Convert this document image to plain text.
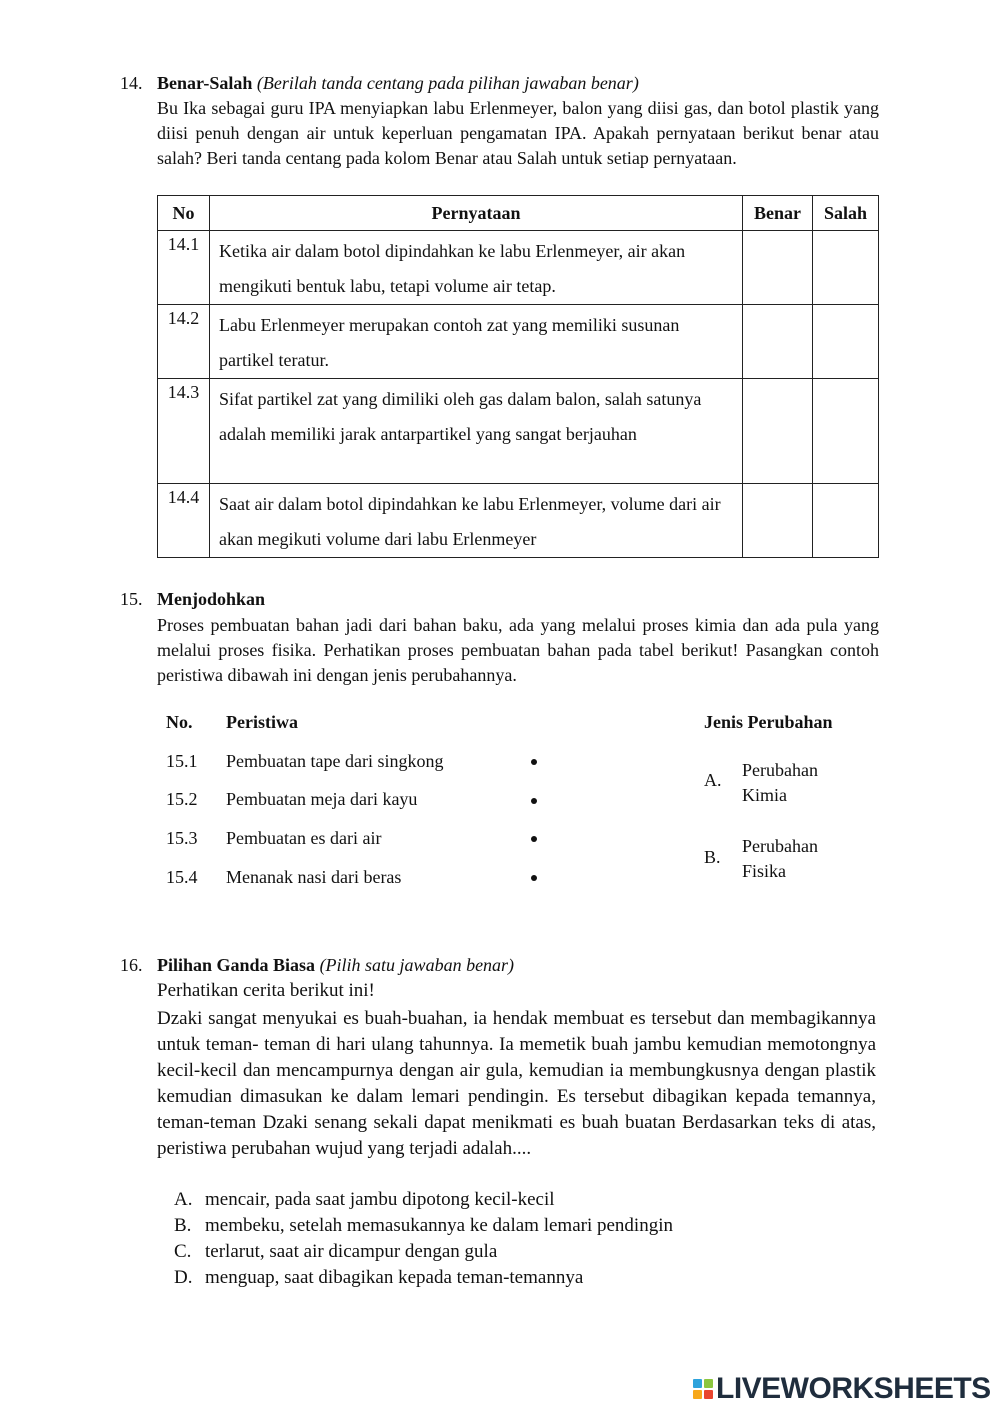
14. Benar-Salah (Berilah tanda centang pada pilihan jawaban benar)
Bu Ika sebagai guru IPA menyiapkan labu Erlenmeyer, balon yang diisi gas, dan botol plastik yang diisi penuh dengan air untuk keperluan pengamatan IPA. Apakah pernyataan berikut benar atau salah? Beri tanda centang pada kolom Benar atau Salah untuk setiap pernyataan.
No	Pernyataan	Benar	Salah
14.1	Ketika air dalam botol dipindahkan ke labu Erlenmeyer, air akan mengikuti bentuk labu, tetapi volume air tetap.		
14.2	Labu Erlenmeyer merupakan contoh zat yang memiliki susunan partikel teratur.		
14.3	Sifat partikel zat yang dimiliki oleh gas dalam balon, salah satunya adalah memiliki jarak antarpartikel yang sangat berjauhan		
14.4	Saat air dalam botol dipindahkan ke labu Erlenmeyer, volume dari air akan megikuti volume dari labu Erlenmeyer		
15. Menjodohkan
Proses pembuatan bahan jadi dari bahan baku, ada yang melalui proses kimia dan ada pula yang melalui proses fisika. Perhatikan proses pembuatan bahan pada tabel berikut! Pasangkan contoh peristiwa dibawah ini dengan jenis perubahannya.
No. Peristiwa	Jenis Perubahan
15.1 Pembuatan tape dari singkong
15.2 Pembuatan meja dari kayu
15.3 Pembuatan es dari air
15.4 Menanak nasi dari beras
A. Perubahan
Kimia
B.
Perubahan
Fisika
16. Pilihan Ganda Biasa (Pilih satu jawaban benar)
Perhatikan cerita berikut ini!
Dzaki sangat menyukai es buah-buahan, ia hendak membuat es tersebut dan membagikannya untuk teman- teman di hari ulang tahunnya. Ia memetik buah jambu kemudian memotongnya kecil-kecil dan mencampurnya dengan air gula, kemudian ia membungkusnya dengan plastik kemudian dimasukan ke dalam lemari pendingin. Es tersebut dibagikan kepada temannya, teman-teman Dzaki senang sekali dapat menikmati es buah buatan Berdasarkan teks di atas, peristiwa perubahan wujud yang terjadi adalah....
A. mencair, pada saat jambu dipotong kecil-kecil
B. membeku, setelah memasukannya ke dalam lemari pendingin
C. terlarut, saat air dicampur dengan gula
D. menguap, saat dibagikan kepada teman-temannya
LIVEWORKSHEETS
